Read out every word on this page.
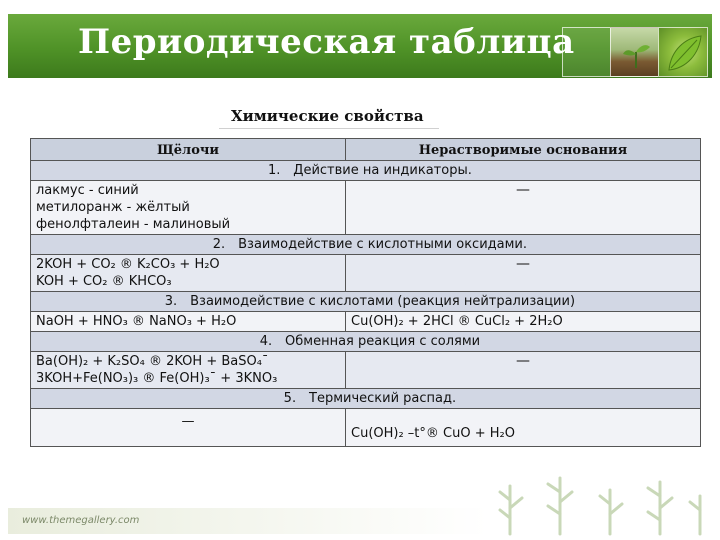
Периодическая таблица
Химические свойства
Щёлочи	Нерастворимые основания
1. Действие на индикаторы.	

лакмус - синий
метилоранж - жёлтый
фенолфталеин - малиновый	—
2. Взаимодействие с кислотными оксидами.	

2KOH + CO₂ ® K₂CO₃ + H₂O
KOH + CO₂ ® KHCO₃	—
3. Взаимодействие с кислотами (реакция нейтрализации)	
NaOH + HNO₃ ® NaNO₃ + H₂O	Cu(OH)₂ + 2HCl ® CuCl₂ + 2H₂O
4. Обменная реакция с солями	

Ba(OH)₂ + K₂SO₄ ® 2KOH + BaSO₄¯
3KOH+Fe(NO₃)₃ ® Fe(OH)₃¯ + 3KNO₃	—
5. Термический распад.	
—	Cu(OH)₂ –t°® CuO + H₂O
www.themegallery.com
